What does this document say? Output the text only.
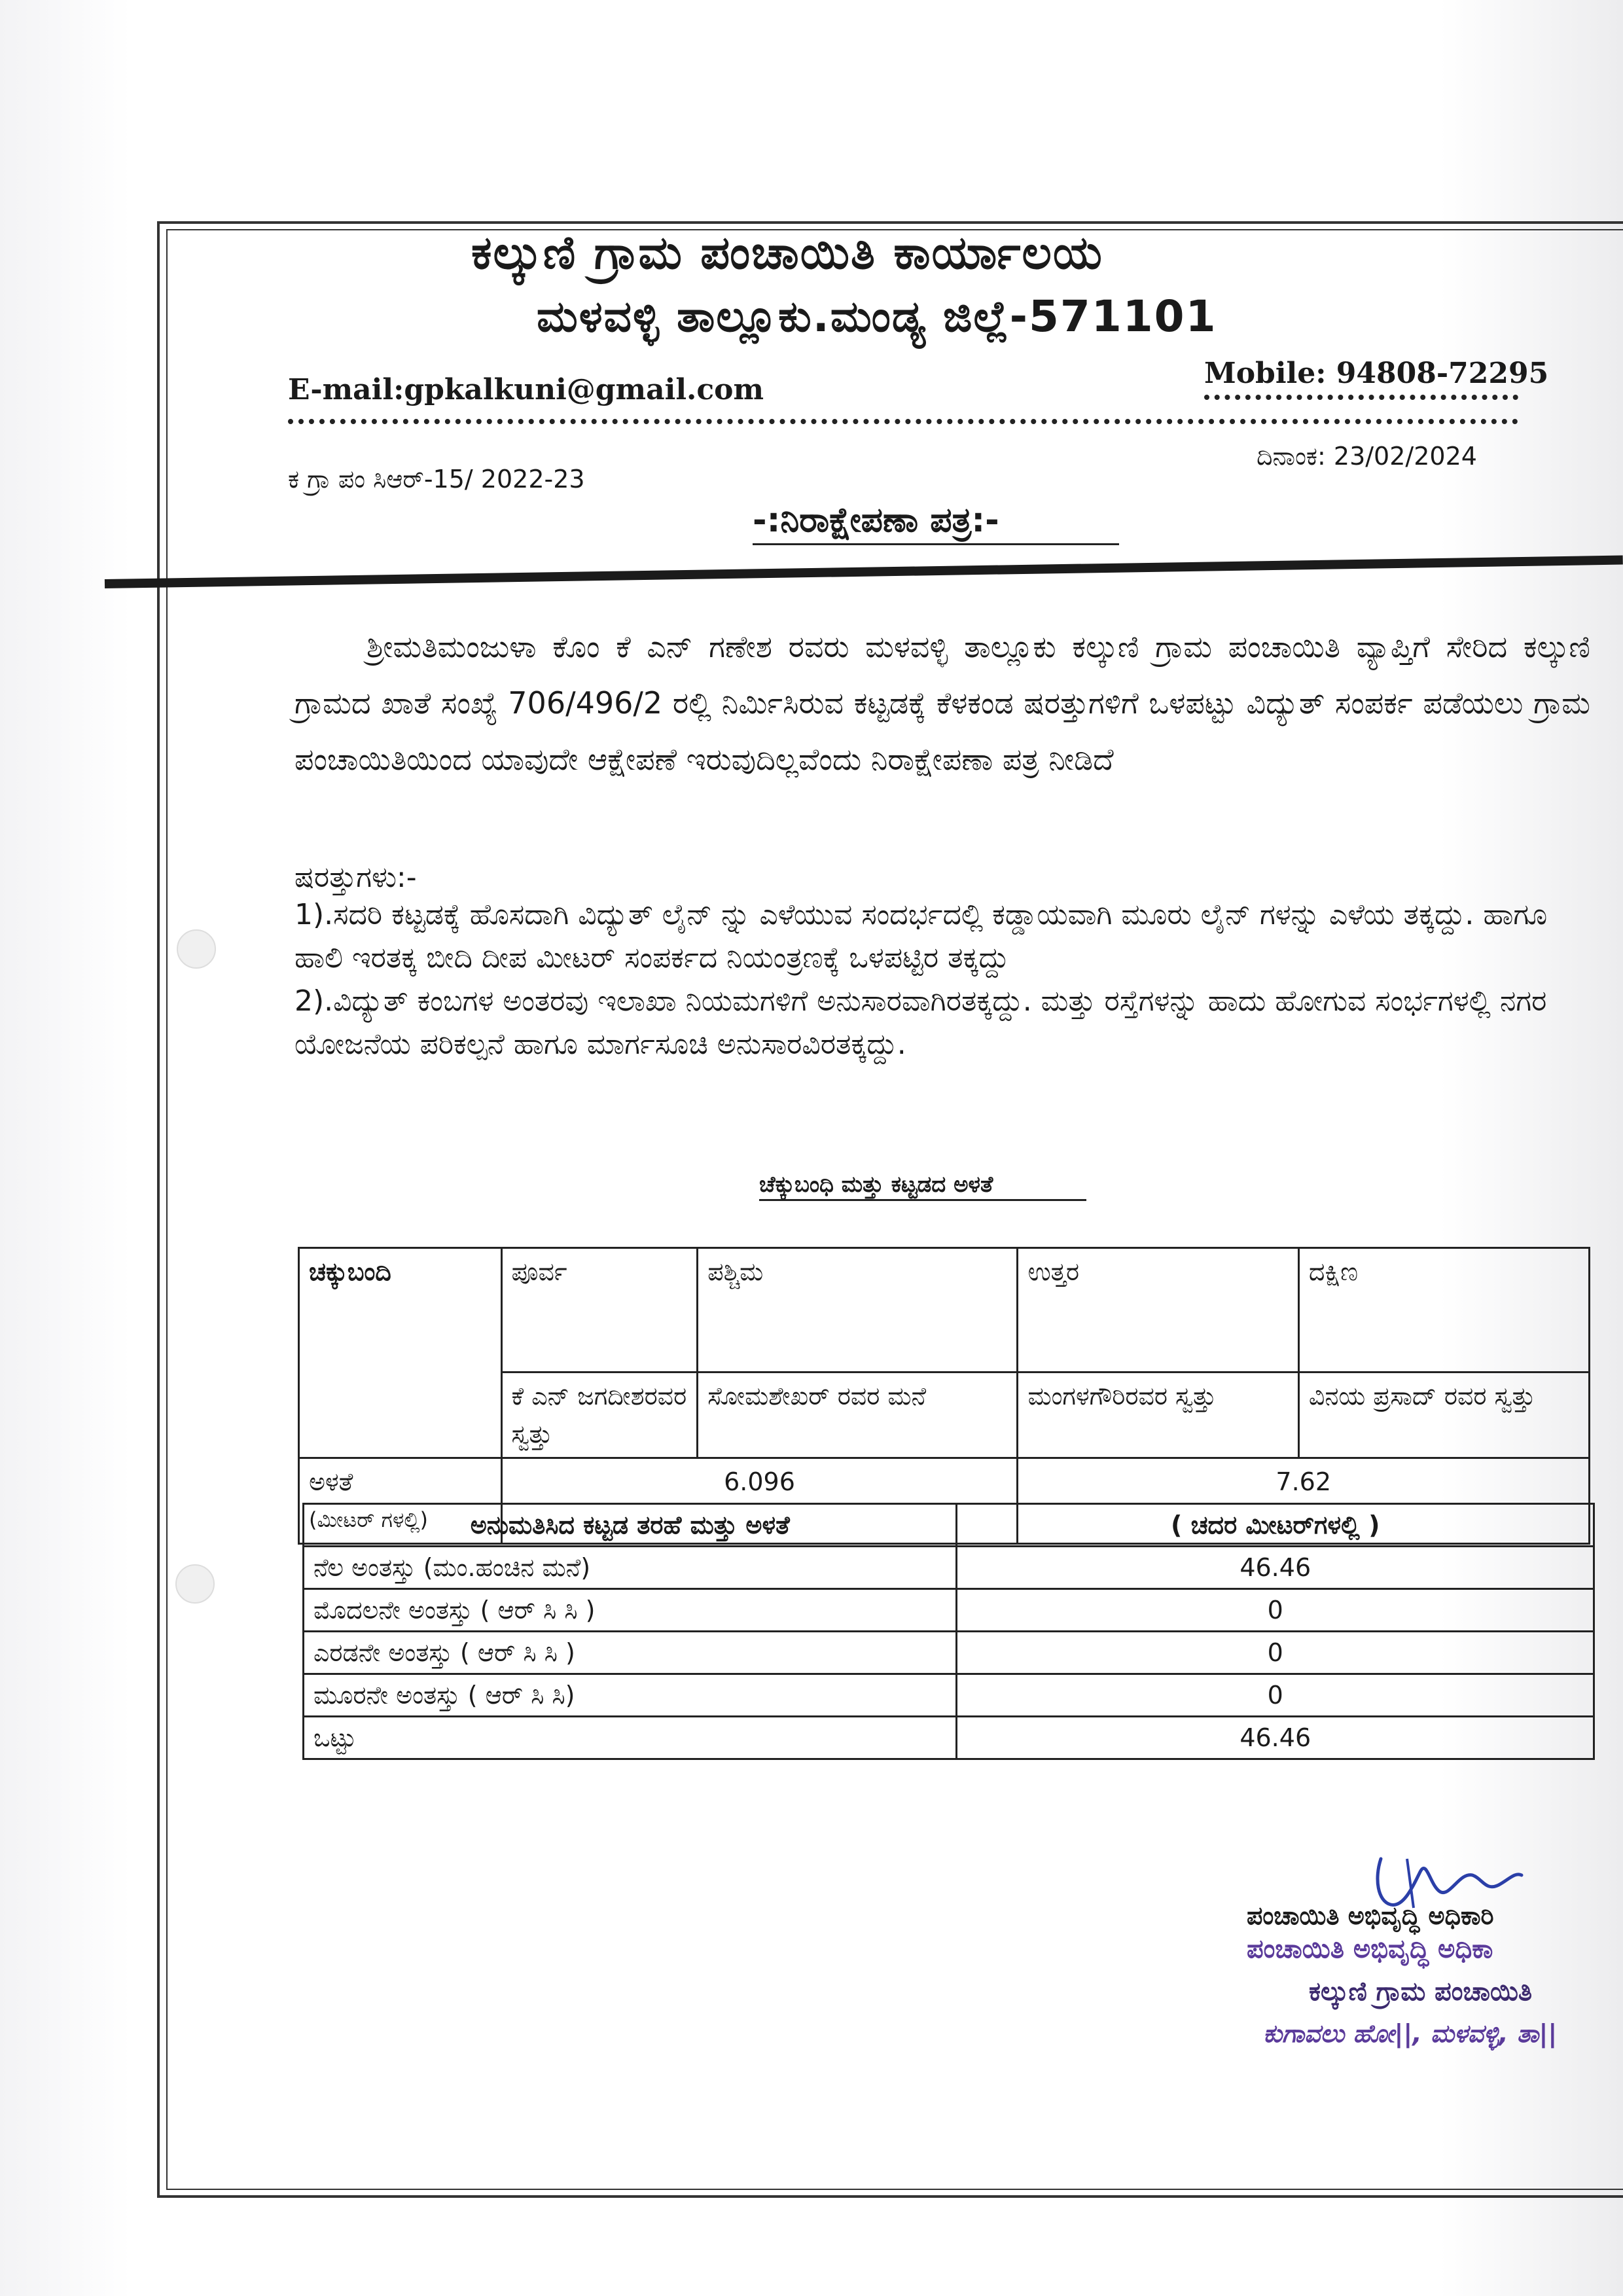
ಕಲ್ಕುಣಿ ಗ್ರಾಮ ಪಂಚಾಯಿತಿ ಕಾರ್ಯಾಲಯ
ಮಳವಳ್ಳಿ ತಾಲ್ಲೂಕು.ಮಂಡ್ಯ ಜಿಲ್ಲೆ-571101
Mobile: 94808-72295
E-mail:gpkalkuni@gmail.com
ಕ ಗ್ರಾ ಪಂ ಸಿಆರ್-15/ 2022-23
ದಿನಾಂಕ: 23/02/2024
-:ನಿರಾಕ್ಷೇಪಣಾ ಪತ್ರ:-
ಶ್ರೀಮತಿಮಂಜುಳಾ ಕೊಂ ಕೆ ಎನ್ ಗಣೇಶ ರವರು ಮಳವಳ್ಳಿ ತಾಲ್ಲೂಕು ಕಲ್ಕುಣಿ ಗ್ರಾಮ ಪಂಚಾಯಿತಿ ವ್ಯಾಪ್ತಿಗೆ ಸೇರಿದ ಕಲ್ಕುಣಿ ಗ್ರಾಮದ ಖಾತೆ ಸಂಖ್ಯೆ 706/496/2 ರಲ್ಲಿ ನಿರ್ಮಿಸಿರುವ ಕಟ್ಟಡಕ್ಕೆ ಕೆಳಕಂಡ ಷರತ್ತುಗಳಿಗೆ ಒಳಪಟ್ಟು ವಿದ್ಯುತ್ ಸಂಪರ್ಕ ಪಡೆಯಲು ಗ್ರಾಮ ಪಂಚಾಯಿತಿಯಿಂದ ಯಾವುದೇ ಆಕ್ಷೇಪಣೆ ಇರುವುದಿಲ್ಲವೆಂದು ನಿರಾಕ್ಷೇಪಣಾ ಪತ್ರ ನೀಡಿದೆ
ಷರತ್ತುಗಳು:-

1).ಸದರಿ ಕಟ್ಟಡಕ್ಕೆ ಹೊಸದಾಗಿ ವಿದ್ಯುತ್ ಲೈನ್ ನ್ನು ಎಳೆಯುವ ಸಂದರ್ಭದಲ್ಲಿ ಕಡ್ಡಾಯವಾಗಿ ಮೂರು ಲೈನ್ ಗಳನ್ನು ಎಳೆಯ ತಕ್ಕದ್ದು. ಹಾಗೂ ಹಾಲಿ ಇರತಕ್ಕ ಬೀದಿ ದೀಪ ಮೀಟರ್ ಸಂಪರ್ಕದ ನಿಯಂತ್ರಣಕ್ಕೆ ಒಳಪಟ್ಟಿರ ತಕ್ಕದ್ದು

2).ವಿದ್ಯುತ್ ಕಂಬಗಳ ಅಂತರವು ಇಲಾಖಾ ನಿಯಮಗಳಿಗೆ ಅನುಸಾರವಾಗಿರತಕ್ಕದ್ದು. ಮತ್ತು ರಸ್ತೆಗಳನ್ನು ಹಾದು ಹೋಗುವ ಸಂರ್ಭಗಳಲ್ಲಿ ನಗರ ಯೋಜನೆಯ ಪರಿಕಲ್ಪನೆ ಹಾಗೂ ಮಾರ್ಗಸೂಚಿ ಅನುಸಾರವಿರತಕ್ಕದ್ದು.

ಚೆಕ್ಕುಬಂಧಿ ಮತ್ತು ಕಟ್ಟಡದ ಅಳತೆ
ಚಕ್ಕುಬಂದಿ	ಪೂರ್ವ	ಪಶ್ಚಿಮ	ಉತ್ತರ	ದಕ್ಷಿಣ
	ಕೆ ಎನ್ ಜಗದೀಶರವರ ಸ್ವತ್ತು	ಸೋಮಶೇಖರ್ ರವರ ಮನೆ	ಮಂಗಳಗೌರಿರವರ ಸ್ವತ್ತು	ವಿನಯ ಪ್ರಸಾದ್ ರವರ ಸ್ವತ್ತು

ಅಳತೆ
(ಮೀಟರ್ ಗಳಲ್ಲಿ)	6.096		7.62	
ಅನುಮತಿಸಿದ ಕಟ್ಟಡ ತರಹೆ ಮತ್ತು ಅಳತೆ	( ಚದರ ಮೀಟರ್‌ಗಳಲ್ಲಿ )
ನೆಲ ಅಂತಸ್ತು (ಮಂ.ಹಂಚಿನ ಮನೆ)	46.46
ಮೊದಲನೇ ಅಂತಸ್ತು ( ಆರ್ ಸಿ ಸಿ )	0
ಎರಡನೇ ಅಂತಸ್ತು ( ಆರ್ ಸಿ ಸಿ )	0
ಮೂರನೇ ಅಂತಸ್ತು ( ಆರ್ ಸಿ ಸಿ)	0
ಒಟ್ಟು	46.46
ಪಂಚಾಯಿತಿ ಅಭಿವೃದ್ಧಿ ಅಧಿಕಾರಿ
ಪಂಚಾಯಿತಿ ಅಭಿವೃದ್ಧಿ ಅಧಿಕಾ
ಕಲ್ಕುಣಿ ಗ್ರಾಮ ಪಂಚಾಯಿತಿ
ಕುಗಾವಲು ಹೋ||, ಮಳವಳ್ಳಿ, ತಾ||
